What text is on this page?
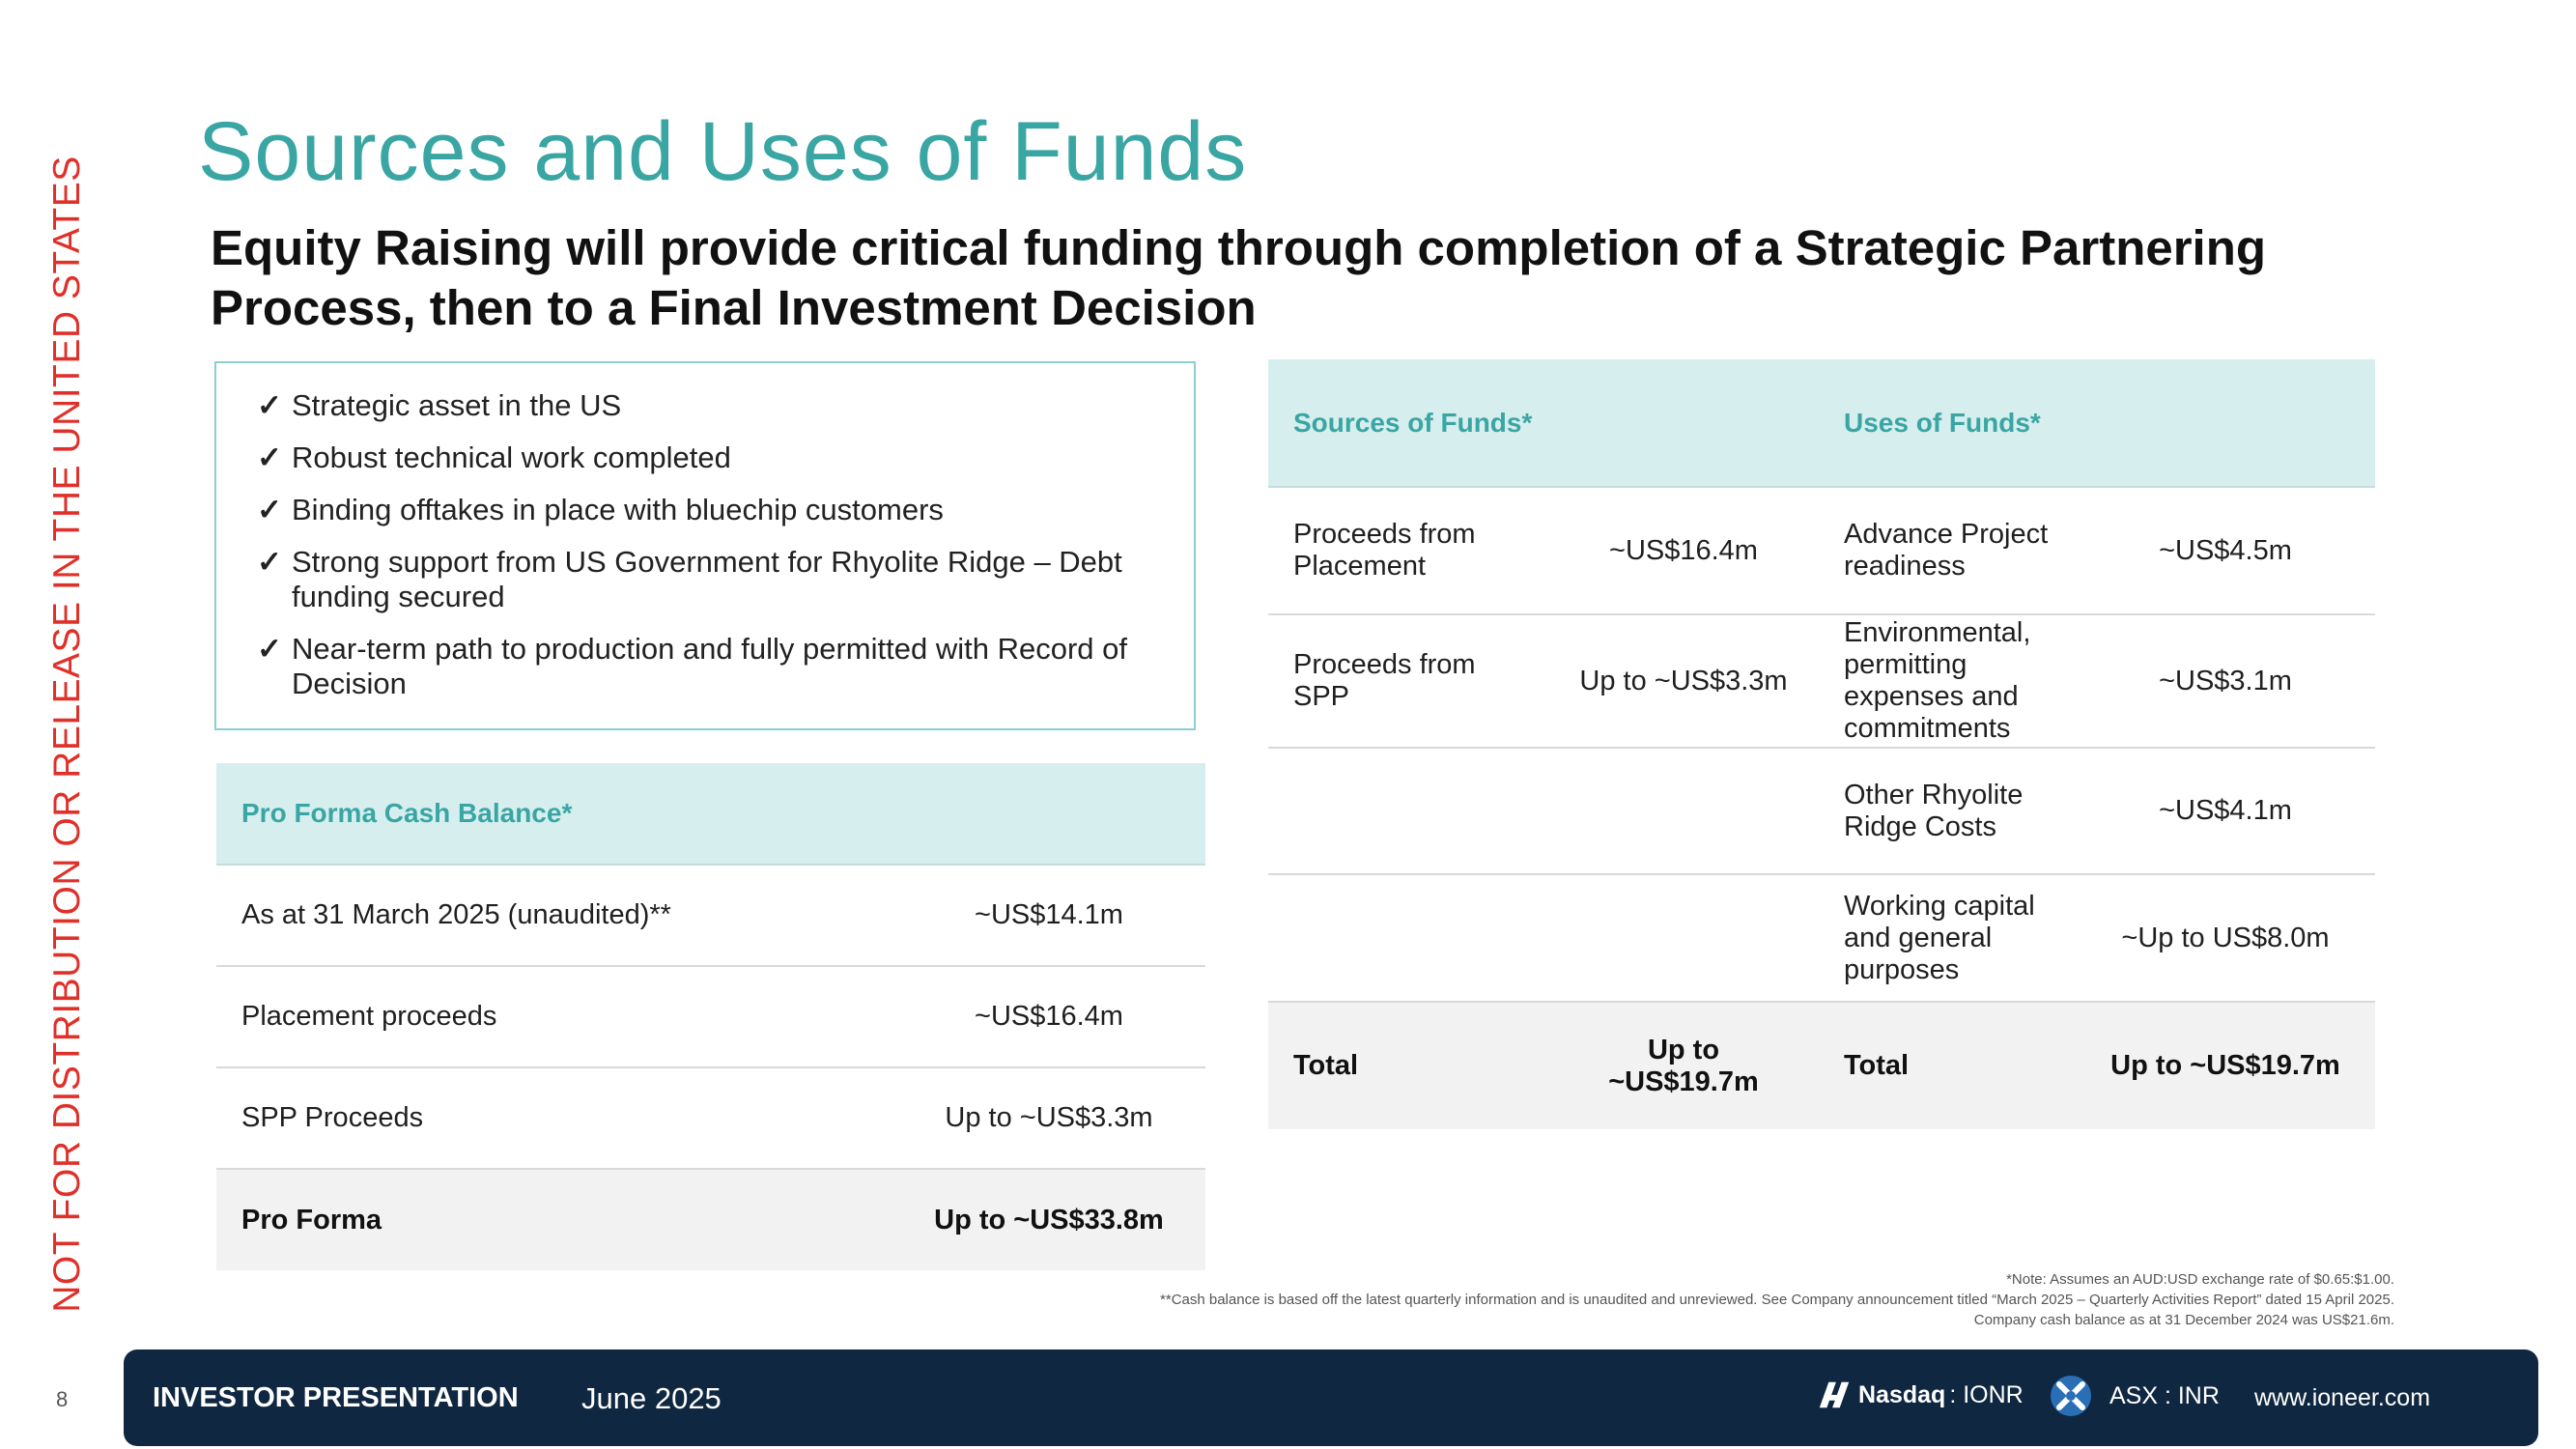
NOT FOR DISTRIBUTION OR RELEASE IN THE UNITED STATES
Sources and Uses of Funds
Equity Raising will provide critical funding through completion of a Strategic Partnering Process, then to a Final Investment Decision
✓ Strategic asset in the US
✓ Robust technical work completed
✓ Binding offtakes in place with bluechip customers
✓ Strong support from US Government for Rhyolite Ridge – Debt funding secured
✓ Near-term path to production and fully permitted with Record of Decision
Pro Forma Cash Balance*	
As at 31 March 2025 (unaudited)**	~US$14.1m
Placement proceeds	~US$16.4m
SPP Proceeds	Up to ~US$3.3m
Pro Forma	Up to ~US$33.8m
Sources of Funds*		Uses of Funds*	
Proceeds from Placement	~US$16.4m	Advance Project readiness	~US$4.5m
Proceeds from SPP	Up to ~US$3.3m	Environmental, permitting expenses and commitments	~US$3.1m
		Other Rhyolite Ridge Costs	~US$4.1m
		Working capital and general purposes	~Up to US$8.0m
Total	Up to ~US$19.7m	Total	Up to ~US$19.7m
*Note: Assumes an AUD:USD exchange rate of $0.65:$1.00.
**Cash balance is based off the latest quarterly information and is unaudited and unreviewed. See Company announcement titled “March 2025 – Quarterly Activities Report” dated 15 April 2025.
Company cash balance as at 31 December 2024 was US$21.6m.
8	INVESTOR PRESENTATION June 2025	Nasdaq : IONR	ASX : INR www.ioneer.com
